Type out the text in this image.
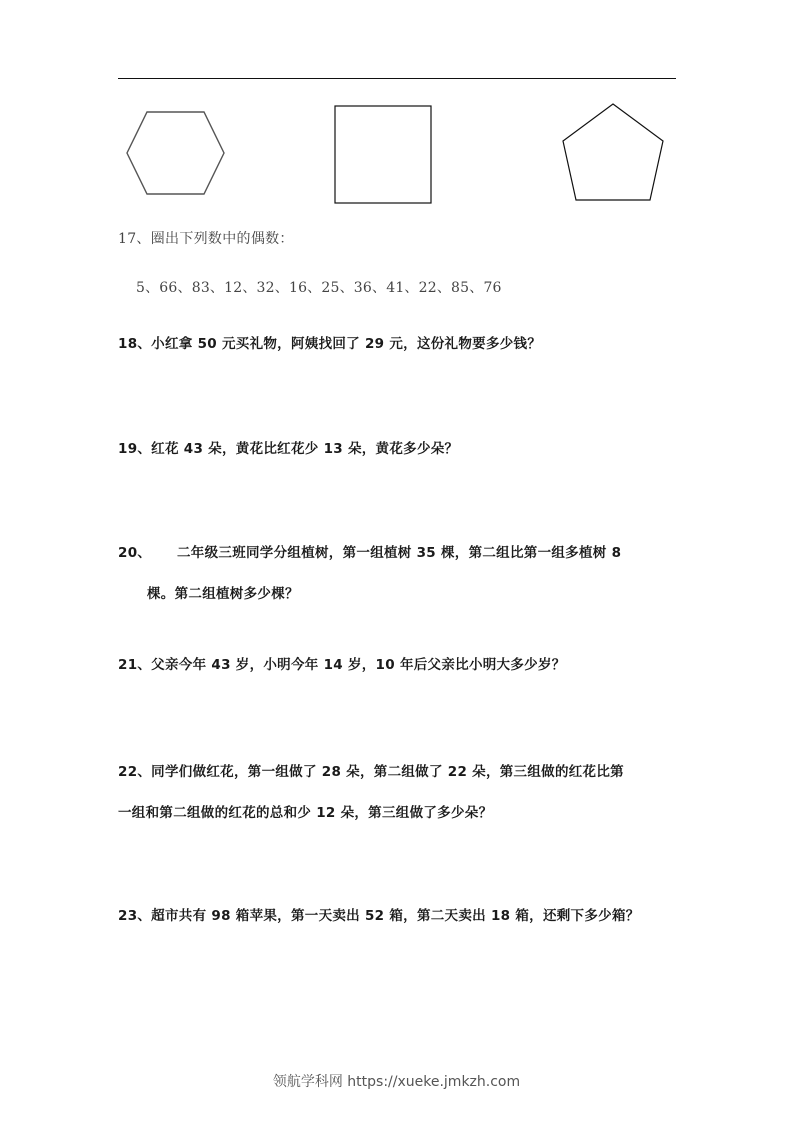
17、圈出下列数中的偶数：
5、66、83、12、32、16、25、36、41、22、85、76
18、小红拿 50 元买礼物，阿姨找回了 29 元，这份礼物要多少钱？
19、红花 43 朵，黄花比红花少 13 朵，黄花多少朵？
20、 二年级三班同学分组植树，第一组植树 35 棵，第二组比第一组多植树 8
棵。第二组植树多少棵？
21、父亲今年 43 岁，小明今年 14 岁，10 年后父亲比小明大多少岁？
22、同学们做红花，第一组做了 28 朵，第二组做了 22 朵，第三组做的红花比第
一组和第二组做的红花的总和少 12 朵，第三组做了多少朵？
23、超市共有 98 箱苹果，第一天卖出 52 箱，第二天卖出 18 箱，还剩下多少箱？
领航学科网 https://xueke.jmkzh.com
